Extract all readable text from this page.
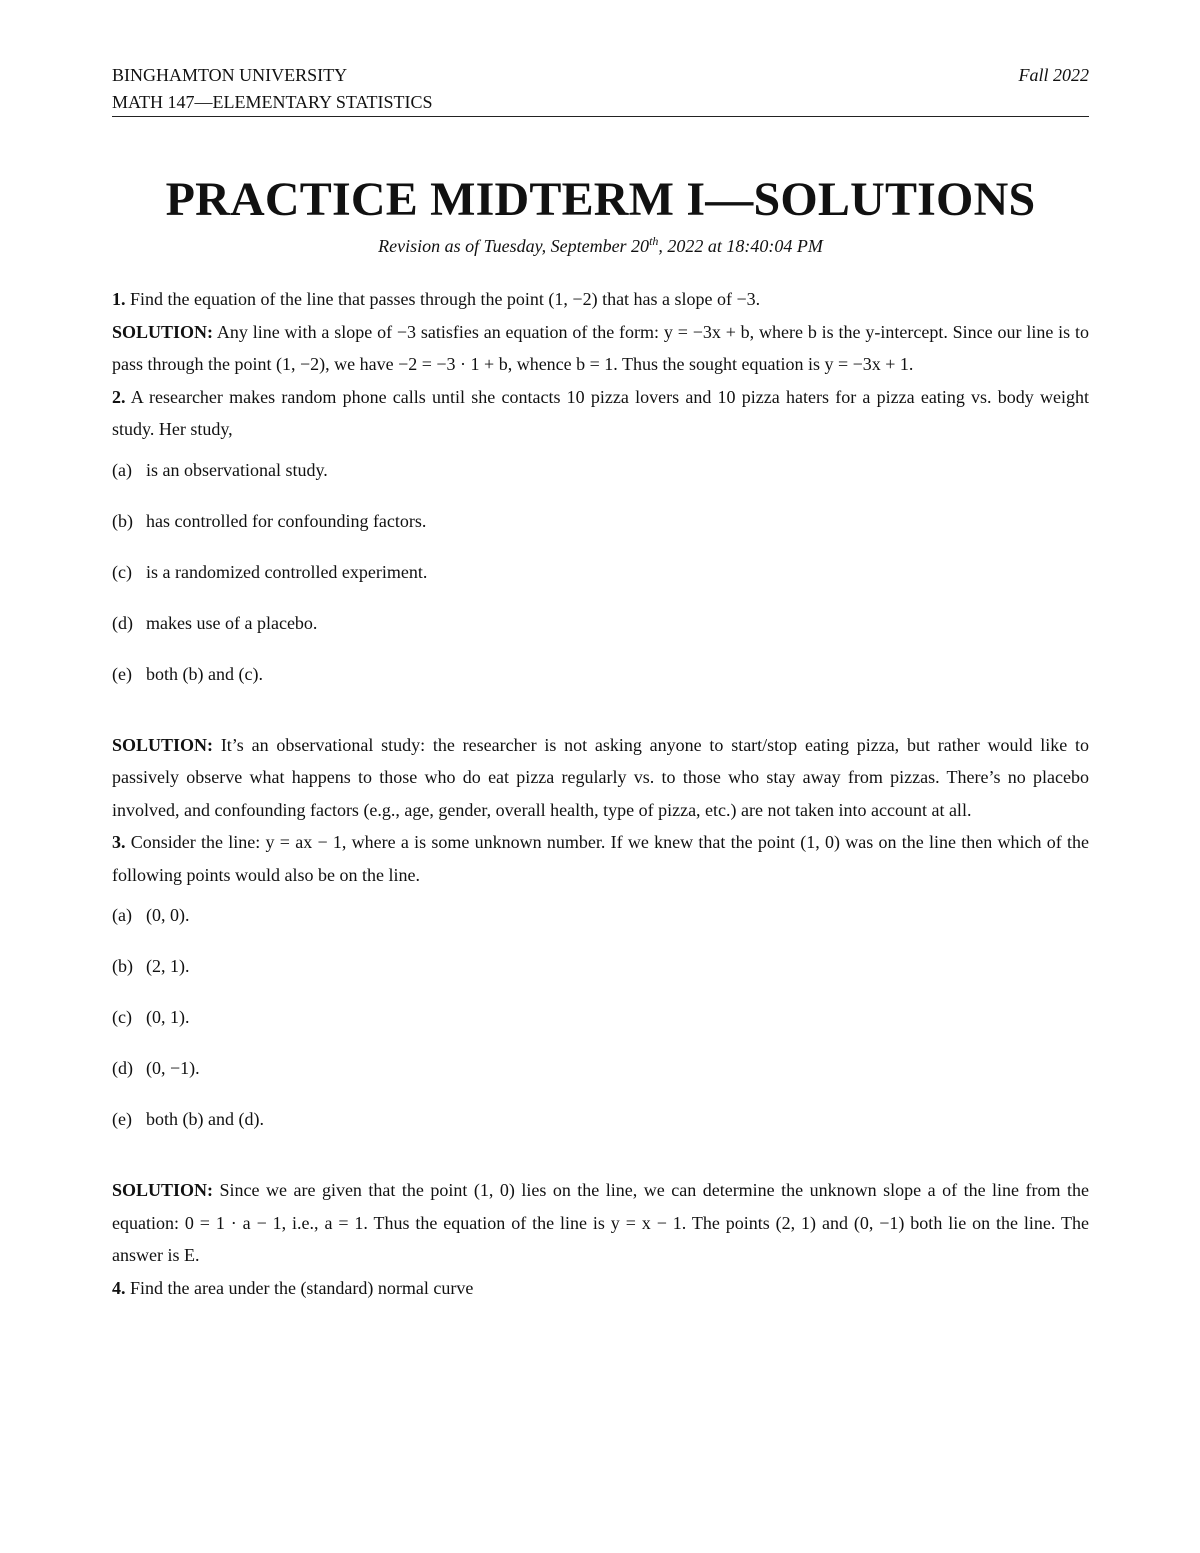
BINGHAMTON UNIVERSITY
MATH 147—ELEMENTARY STATISTICS
Fall 2022
PRACTICE MIDTERM I—SOLUTIONS
Revision as of Tuesday, September 20th, 2022 at 18:40:04 PM

1. Find the equation of the line that passes through the point (1, −2) that has a slope of −3.

SOLUTION: Any line with a slope of −3 satisfies an equation of the form: y = −3x + b, where b is the y-intercept. Since our line is to pass through the point (1, −2), we have −2 = −3 · 1 + b, whence b = 1. Thus the sought equation is y = −3x + 1.

2. A researcher makes random phone calls until she contacts 10 pizza lovers and 10 pizza haters for a pizza eating vs. body weight study. Her study,

(a) is an observational study.
(b) has controlled for confounding factors.
(c) is a randomized controlled experiment.
(d) makes use of a placebo.
(e) both (b) and (c).

SOLUTION: It’s an observational study: the researcher is not asking anyone to start/stop eating pizza, but rather would like to passively observe what happens to those who do eat pizza regularly vs. to those who stay away from pizzas. There’s no placebo involved, and confounding factors (e.g., age, gender, overall health, type of pizza, etc.) are not taken into account at all.

3. Consider the line: y = ax − 1, where a is some unknown number. If we knew that the point (1, 0) was on the line then which of the following points would also be on the line.

(a) (0, 0).
(b) (2, 1).
(c) (0, 1).
(d) (0, −1).
(e) both (b) and (d).

SOLUTION: Since we are given that the point (1, 0) lies on the line, we can determine the unknown slope a of the line from the equation: 0 = 1 · a − 1, i.e., a = 1. Thus the equation of the line is y = x − 1. The points (2, 1) and (0, −1) both lie on the line. The answer is E.

4. Find the area under the (standard) normal curve
